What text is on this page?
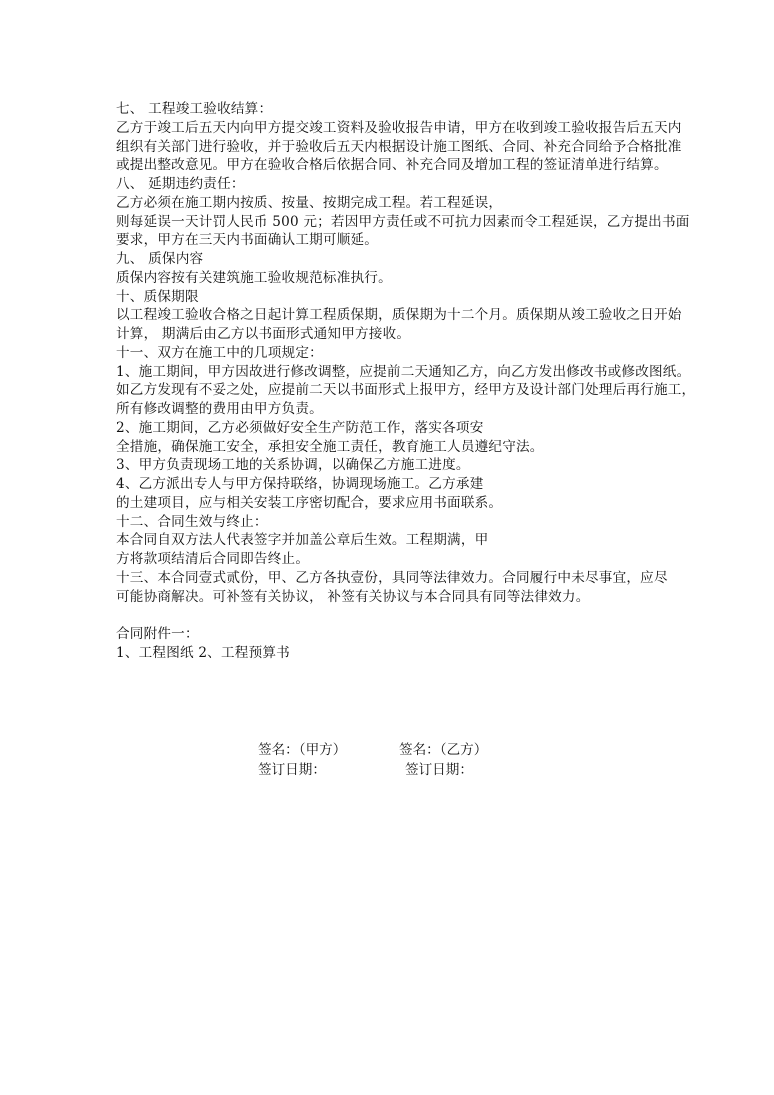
七、 工程竣工验收结算：
乙方于竣工后五天内向甲方提交竣工资料及验收报告申请，甲方在收到竣工验收报告后五天内
组织有关部门进行验收，并于验收后五天内根据设计施工图纸、合同、补充合同给予合格批准
或提出整改意见。甲方在验收合格后依据合同、补充合同及增加工程的签证清单进行结算。
八、 延期违约责任：
乙方必须在施工期内按质、按量、按期完成工程。若工程延误，
则每延误一天计罚人民币 500 元；若因甲方责任或不可抗力因素而令工程延误，乙方提出书面
要求，甲方在三天内书面确认工期可顺延。
九、 质保内容
质保内容按有关建筑施工验收规范标准执行。
十、质保期限
以工程竣工验收合格之日起计算工程质保期，质保期为十二个月。质保期从竣工验收之日开始
计算， 期满后由乙方以书面形式通知甲方接收。
十一、双方在施工中的几项规定：
1、施工期间，甲方因故进行修改调整，应提前二天通知乙方，向乙方发出修改书或修改图纸。
如乙方发现有不妥之处，应提前二天以书面形式上报甲方，经甲方及设计部门处理后再行施工，
所有修改调整的费用由甲方负责。
2、施工期间，乙方必须做好安全生产防范工作，落实各项安
全措施，确保施工安全，承担安全施工责任，教育施工人员遵纪守法。
3、甲方负责现场工地的关系协调，以确保乙方施工进度。
4、乙方派出专人与甲方保持联络，协调现场施工。乙方承建
的土建项目，应与相关安装工序密切配合，要求应用书面联系。
十二、合同生效与终止：
本合同自双方法人代表签字并加盖公章后生效。工程期满，甲
方将款项结清后合同即告终止。
十三、本合同壹式贰份，甲、乙方各执壹份，具同等法律效力。合同履行中未尽事宜，应尽
可能协商解决。可补签有关协议， 补签有关协议与本合同具有同等法律效力。
合同附件一：
1、工程图纸 2、工程预算书
签名：（甲方）	签名：（乙方）
签订日期：	签订日期：
